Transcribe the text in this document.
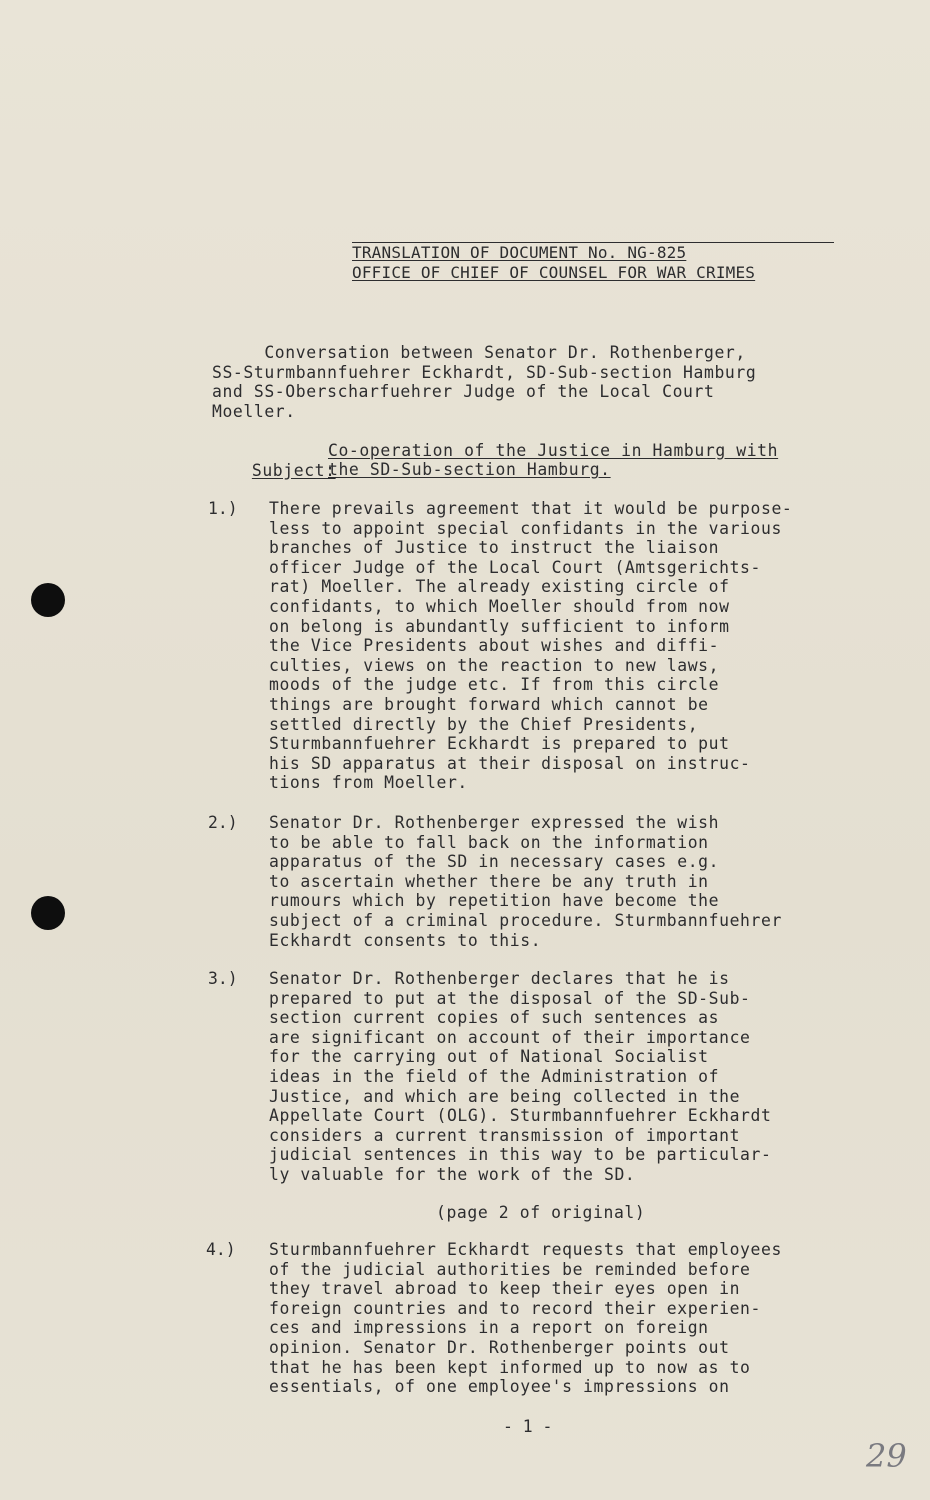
TRANSLATION OF DOCUMENT No. NG-825
OFFICE OF CHIEF OF COUNSEL FOR WAR CRIMES
Conversation between Senator Dr. Rothenberger,
SS-Sturmbannfuehrer Eckhardt, SD-Sub-section Hamburg
and SS-Oberscharfuehrer Judge of the Local Court
Moeller.

Subject:

Co-operation of the Justice in Hamburg with

the SD-Sub-section Hamburg.

1.) There prevails agreement that it would be purpose-
less to appoint special confidants in the various
branches of Justice to instruct the liaison
officer Judge of the Local Court (Amtsgerichts-
rat) Moeller. The already existing circle of
confidants, to which Moeller should from now
on belong is abundantly sufficient to inform
the Vice Presidents about wishes and diffi-
culties, views on the reaction to new laws,
moods of the judge etc. If from this circle
things are brought forward which cannot be
settled directly by the Chief Presidents,
Sturmbannfuehrer Eckhardt is prepared to put
his SD apparatus at their disposal on instruc-
tions from Moeller.
2.) Senator Dr. Rothenberger expressed the wish
to be able to fall back on the information
apparatus of the SD in necessary cases e.g.
to ascertain whether there be any truth in
rumours which by repetition have become the
subject of a criminal procedure. Sturmbannfuehrer
Eckhardt consents to this.
3.) Senator Dr. Rothenberger declares that he is
prepared to put at the disposal of the SD-Sub-
section current copies of such sentences as
are significant on account of their importance
for the carrying out of National Socialist
ideas in the field of the Administration of
Justice, and which are being collected in the
Appellate Court (OLG). Sturmbannfuehrer Eckhardt
considers a current transmission of important
judicial sentences in this way to be particular-
ly valuable for the work of the SD.
(page 2 of original)
4.) Sturmbannfuehrer Eckhardt requests that employees
of the judicial authorities be reminded before
they travel abroad to keep their eyes open in
foreign countries and to record their experien-
ces and impressions in a report on foreign
opinion. Senator Dr. Rothenberger points out
that he has been kept informed up to now as to
essentials, of one employee's impressions on
- 1 -
29
